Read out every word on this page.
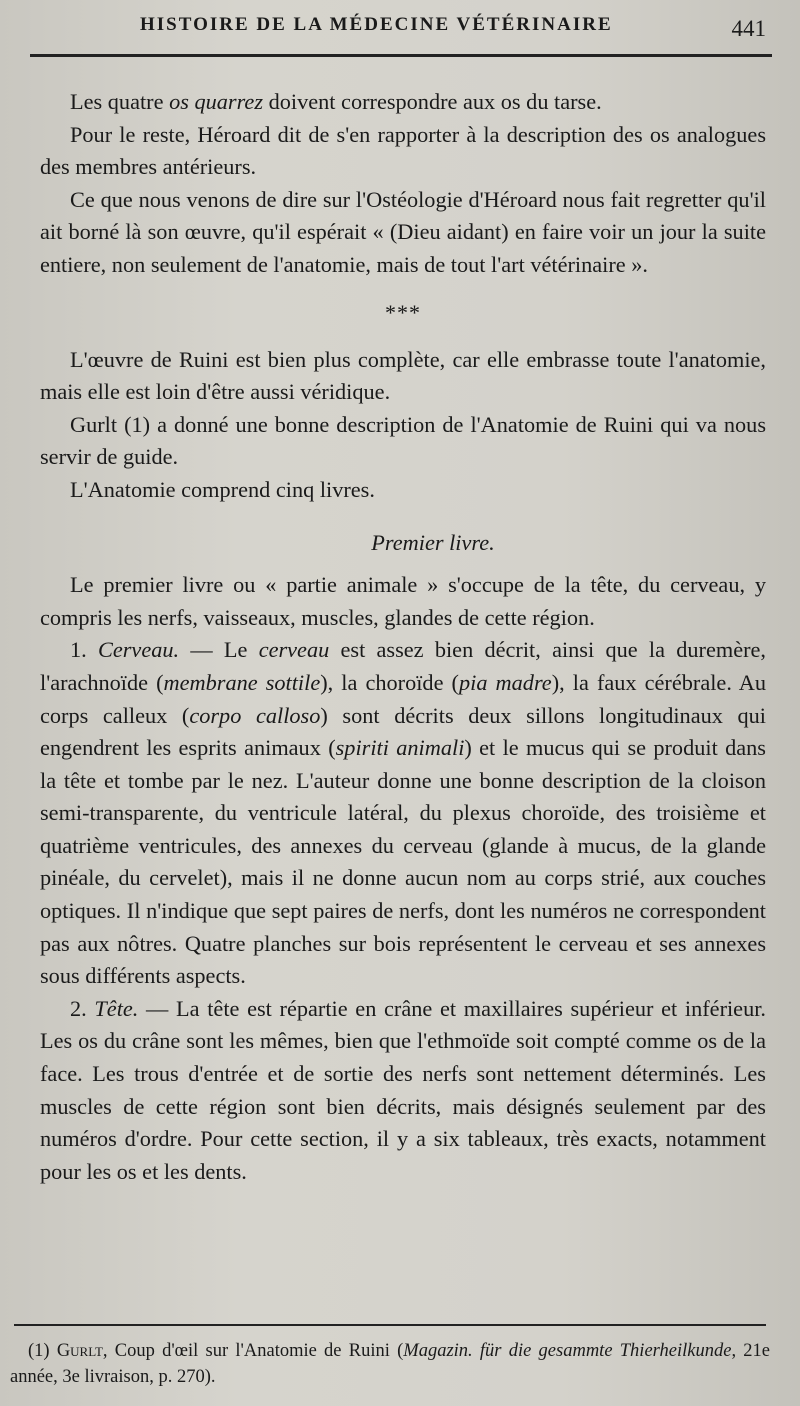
HISTOIRE DE LA MÉDECINE VÉTÉRINAIRE	441

Les quatre os quarrez doivent correspondre aux os du tarse.

Pour le reste, Héroard dit de s'en rapporter à la description des os analogues des membres antérieurs.

Ce que nous venons de dire sur l'Ostéologie d'Héroard nous fait regretter qu'il ait borné là son œuvre, qu'il espérait « (Dieu aidant) en faire voir un jour la suite entiere, non seulement de l'anatomie, mais de tout l'art vétérinaire ».

***

L'œuvre de Ruini est bien plus complète, car elle embrasse toute l'anatomie, mais elle est loin d'être aussi véridique.

Gurlt (1) a donné une bonne description de l'Anatomie de Ruini qui va nous servir de guide.

L'Anatomie comprend cinq livres.

Premier livre.

Le premier livre ou « partie animale » s'occupe de la tête, du cerveau, y compris les nerfs, vaisseaux, muscles, glandes de cette région.

1. Cerveau. — Le cerveau est assez bien décrit, ainsi que la duremère, l'arachnoïde (membrane sottile), la choroïde (pia madre), la faux cérébrale. Au corps calleux (corpo calloso) sont décrits deux sillons longitudinaux qui engendrent les esprits animaux (spiriti animali) et le mucus qui se produit dans la tête et tombe par le nez. L'auteur donne une bonne description de la cloison semi-transparente, du ventricule latéral, du plexus choroïde, des troisième et quatrième ventricules, des annexes du cerveau (glande à mucus, de la glande pinéale, du cervelet), mais il ne donne aucun nom au corps strié, aux couches optiques. Il n'indique que sept paires de nerfs, dont les numéros ne correspondent pas aux nôtres. Quatre planches sur bois représentent le cerveau et ses annexes sous différents aspects.

2. Tête. — La tête est répartie en crâne et maxillaires supérieur et inférieur. Les os du crâne sont les mêmes, bien que l'ethmoïde soit compté comme os de la face. Les trous d'entrée et de sortie des nerfs sont nettement déterminés. Les muscles de cette région sont bien décrits, mais désignés seulement par des numéros d'ordre. Pour cette section, il y a six tableaux, très exacts, notamment pour les os et les dents.

(1) Gurlt, Coup d'œil sur l'Anatomie de Ruini (Magazin. für die gesammte Thierheilkunde, 21e année, 3e livraison, p. 270).
